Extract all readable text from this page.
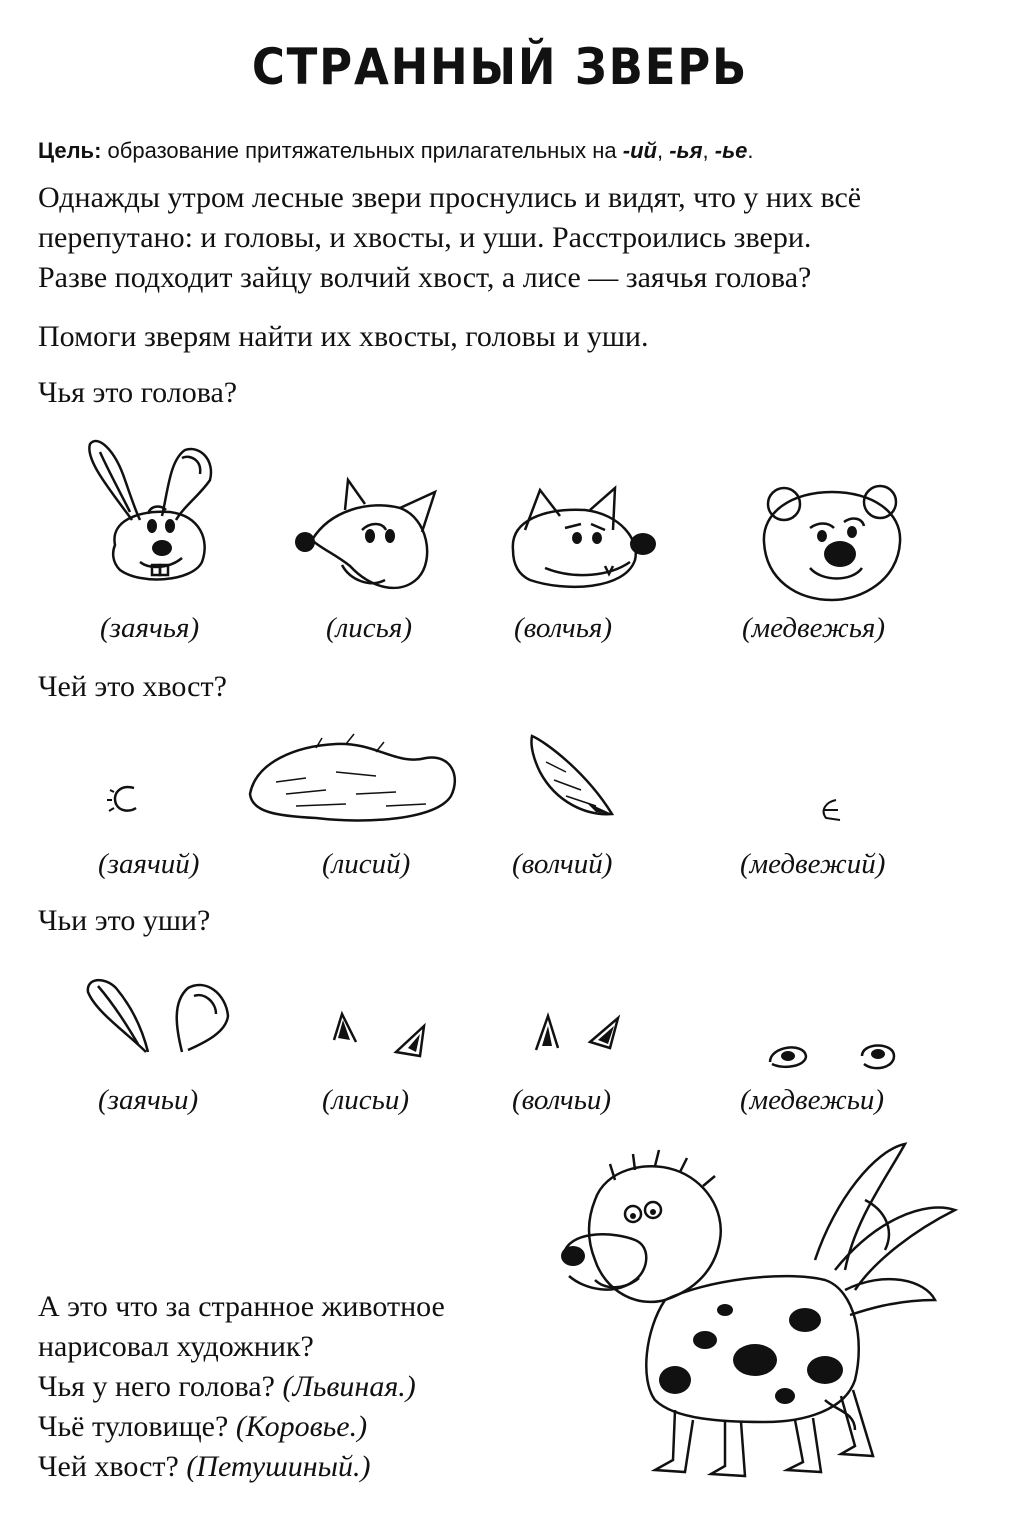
СТРАННЫЙ ЗВЕРЬ
Цель: образование притяжательных прилагательных на -ий, -ья, -ье.
Однажды утром лесные звери проснулись и видят, что у них всё
перепутано: и головы, и хвосты, и уши. Расстроились звери.
Разве подходит зайцу волчий хвост, а лисе — заячья голова?
Помоги зверям найти их хвосты, головы и уши.
Чья это голова?
(заячья)	(лисья)	(волчья)	(медвежья)
Чей это хвост?
(заячий)	(лисий)	(волчий)	(медвежий)
Чьи это уши?
(заячьи)	(лисьи)	(волчьи)	(медвежьи)
А это что за странное животное
нарисовал художник?
Чья у него голова? (Львиная.)
Чьё туловище? (Коровье.)
Чей хвост? (Петушиный.)
